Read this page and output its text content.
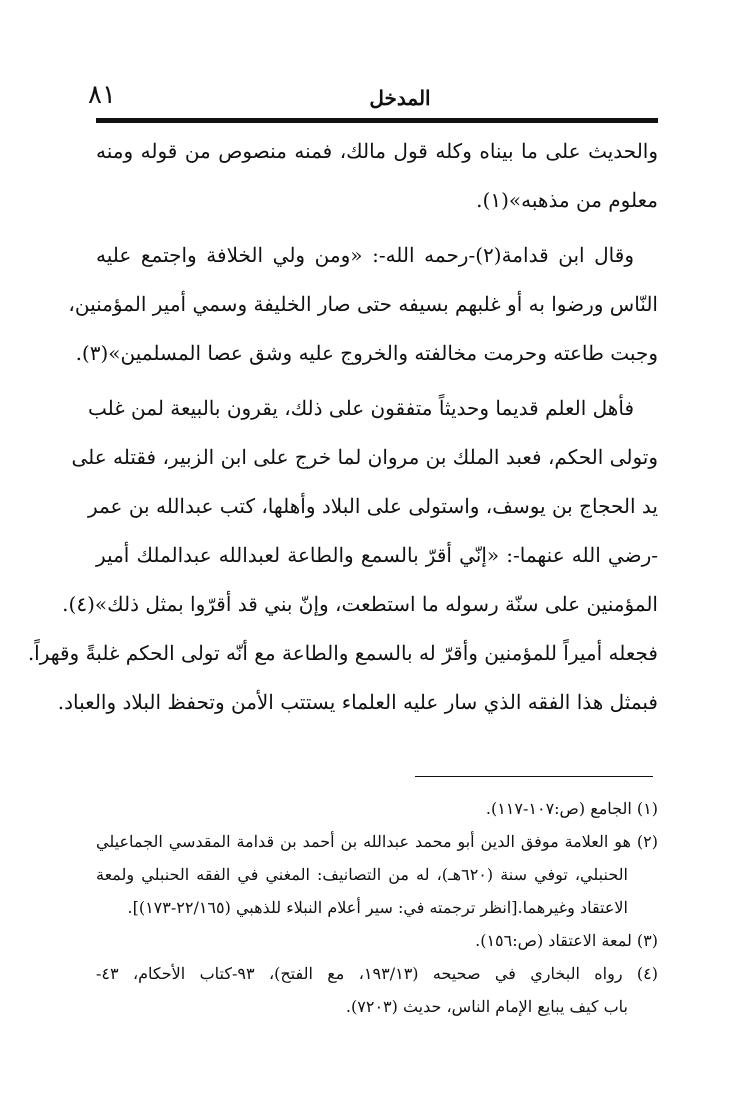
٨١	المدخل
والحديث على ما بيناه وكله قول مالك، فمنه منصوص من قوله ومنه
معلوم من مذهبه»(١).
وقال ابن قدامة(٢)-رحمه الله-: «ومن ولي الخلافة واجتمع عليه
النّاس ورضوا به أو غلبهم بسيفه حتى صار الخليفة وسمي أمير المؤمنين،
وجبت طاعته وحرمت مخالفته والخروج عليه وشق عصا المسلمين»(٣).
فأهل العلم قديما وحديثاً متفقون على ذلك، يقرون بالبيعة لمن غلب
وتولى الحكم، فعبد الملك بن مروان لما خرج على ابن الزبير، فقتله على
يد الحجاج بن يوسف، واستولى على البلاد وأهلها، كتب عبدالله بن عمر
-رضي الله عنهما-: «إنّي أقرّ بالسمع والطاعة لعبدالله عبدالملك أمير
المؤمنين على سنّة رسوله ما استطعت، وإنّ بني قد أقرّوا بمثل ذلك»(٤).
فجعله أميراً للمؤمنين وأقرّ له بالسمع والطاعة مع أنّه تولى الحكم غلبةً وقهراً.
فبمثل هذا الفقه الذي سار عليه العلماء يستتب الأمن وتحفظ البلاد والعباد.
(١) الجامع (ص:١٠٧-١١٧).
(٢) هو العلامة موفق الدين أبو محمد عبدالله بن أحمد بن قدامة المقدسي الجماعيلي
الحنبلي، توفي سنة (٦٢٠هـ)، له من التصانيف: المغني في الفقه الحنبلي ولمعة
الاعتقاد وغيرهما.[انظر ترجمته في: سير أعلام النبلاء للذهبي (٢٢/١٦٥-١٧٣)].
(٣) لمعة الاعتقاد (ص:١٥٦).
(٤) رواه البخاري في صحيحه (١٩٣/١٣، مع الفتح)، ٩٣-كتاب الأحكام، ٤٣-
باب كيف يبايع الإمام الناس، حديث (٧٢٠٣).
